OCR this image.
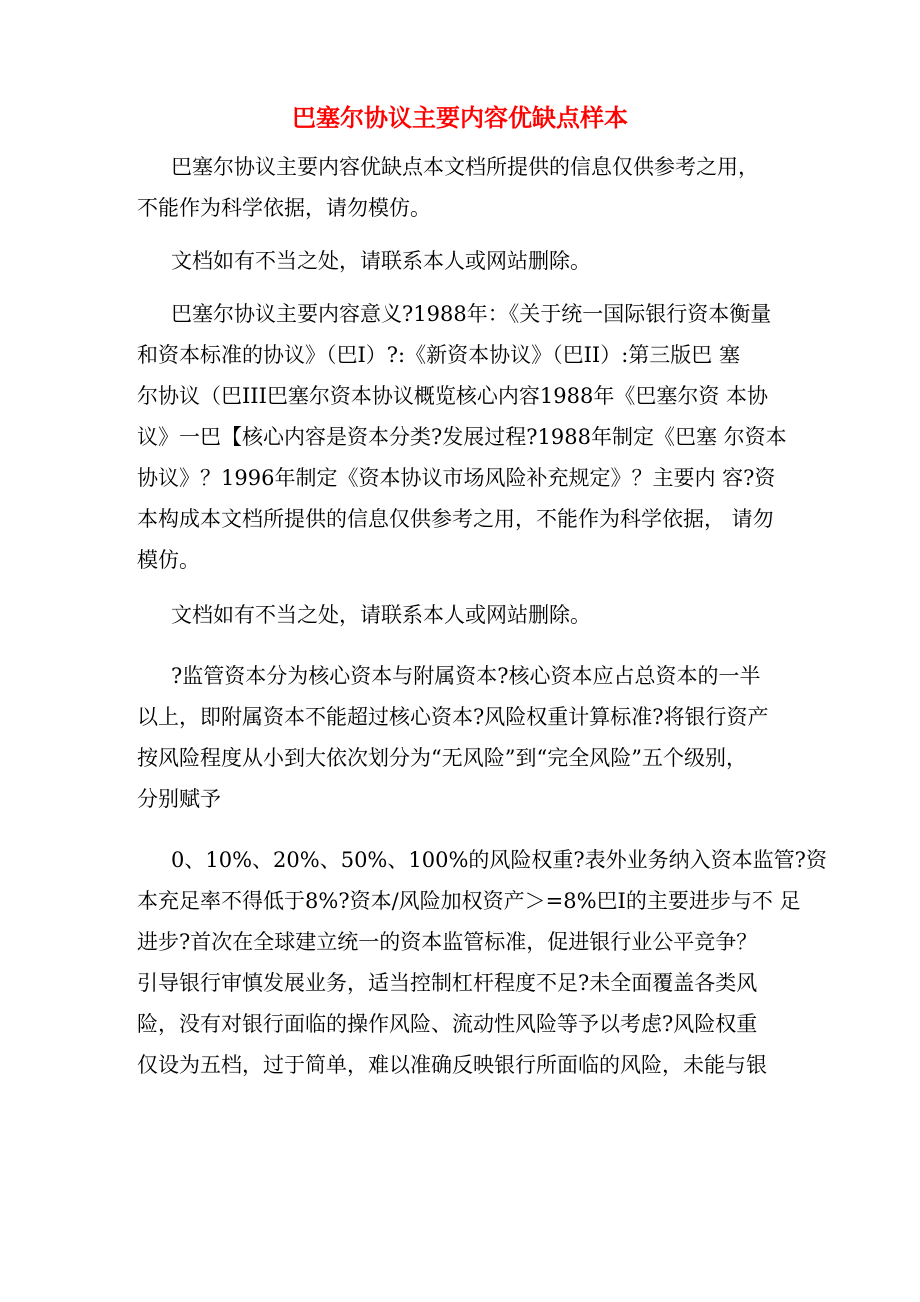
巴塞尔协议主要内容优缺点样本

巴塞尔协议主要内容优缺点本文档所提供的信息仅供参考之用，
不能作为科学依据，请勿模仿。

文档如有不当之处，请联系本人或网站删除。

巴塞尔协议主要内容意义?1988年：《关于统一国际银行资本衡量
和资本标准的协议》（巴I）?:《新资本协议》（巴II）:第三版巴 塞
尔协议（巴III巴塞尔资本协议概览核心内容1988年《巴塞尔资 本协
议》一巴【核心内容是资本分类?发展过程?1988年制定《巴塞 尔资本
协议》？1996年制定《资本协议市场风险补充规定》？主要内 容?资
本构成本文档所提供的信息仅供参考之用，不能作为科学依据， 请勿
模仿。

文档如有不当之处，请联系本人或网站删除。

?监管资本分为核心资本与附属资本?核心资本应占总资本的一半
以上，即附属资本不能超过核心资本?风险权重计算标准?将银行资产
按风险程度从小到大依次划分为“无风险”到“完全风险”五个级别，
分别赋予

0、10%、20%、50%、100%的风险权重?表外业务纳入资本监管?资
本充足率不得低于8%?资本/风险加权资产＞=8%巴I的主要进步与不 足
进步?首次在全球建立统一的资本监管标准，促进银行业公平竞争？
引导银行审慎发展业务，适当控制杠杆程度不足?未全面覆盖各类风
险，没有对银行面临的操作风险、流动性风险等予以考虑?风险权重
仅设为五档，过于简单，难以准确反映银行所面临的风险，未能与银
